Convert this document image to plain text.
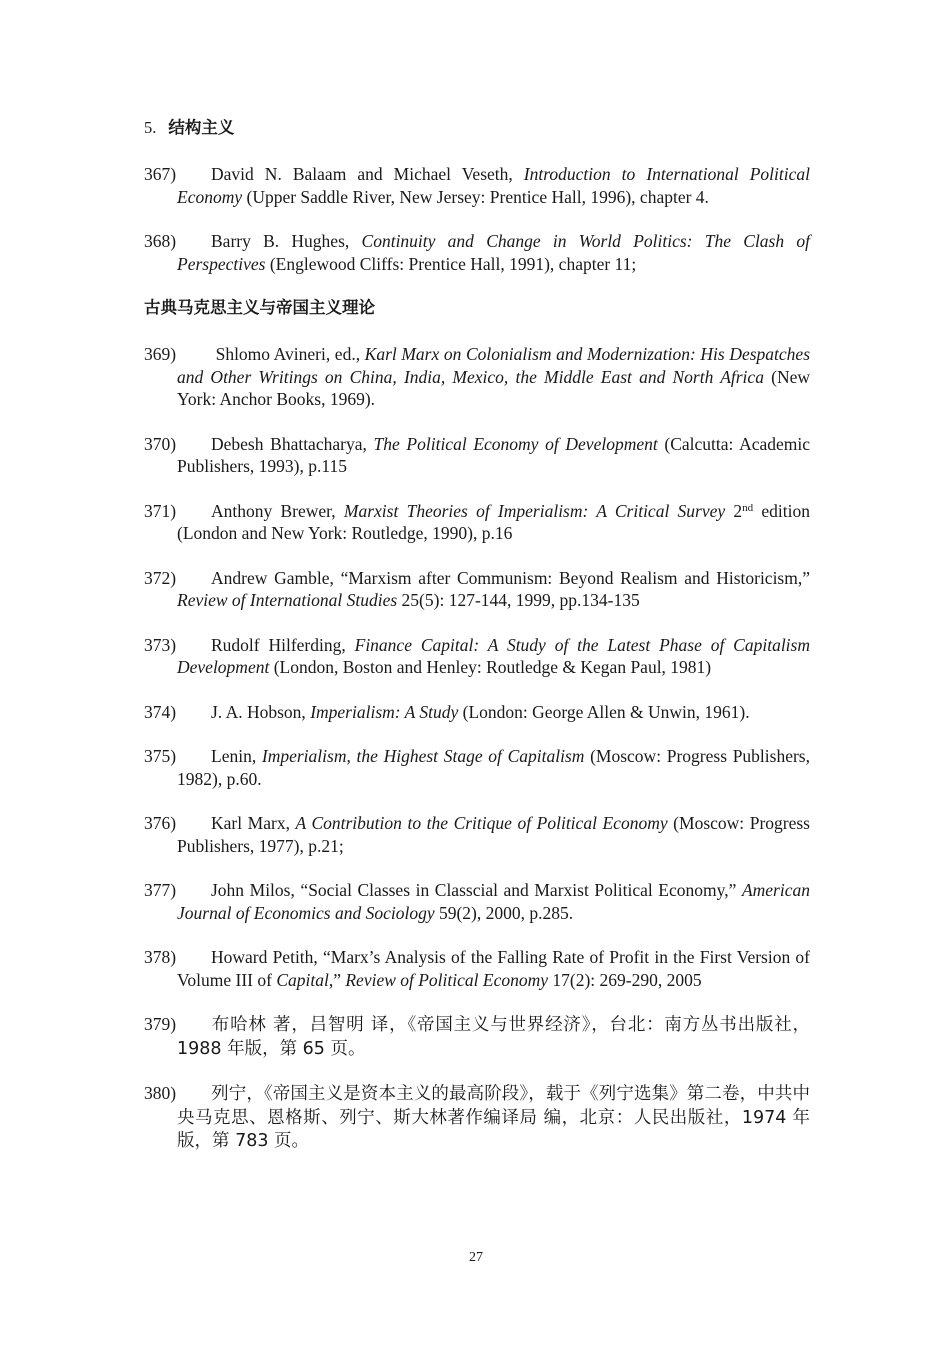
5. 结构主义
367) David N. Balaam and Michael Veseth, Introduction to International Political Economy (Upper Saddle River, New Jersey: Prentice Hall, 1996), chapter 4.
368) Barry B. Hughes, Continuity and Change in World Politics: The Clash of Perspectives (Englewood Cliffs: Prentice Hall, 1991), chapter 11;
古典马克思主义与帝国主义理论
369) Shlomo Avineri, ed., Karl Marx on Colonialism and Modernization: His Despatches and Other Writings on China, India, Mexico, the Middle East and North Africa (New York: Anchor Books, 1969).
370) Debesh Bhattacharya, The Political Economy of Development (Calcutta: Academic Publishers, 1993), p.115
371) Anthony Brewer, Marxist Theories of Imperialism: A Critical Survey 2nd edition (London and New York: Routledge, 1990), p.16
372) Andrew Gamble, “Marxism after Communism: Beyond Realism and Historicism,” Review of International Studies 25(5): 127-144, 1999, pp.134-135
373) Rudolf Hilferding, Finance Capital: A Study of the Latest Phase of Capitalism Development (London, Boston and Henley: Routledge & Kegan Paul, 1981)
374) J. A. Hobson, Imperialism: A Study (London: George Allen & Unwin, 1961).
375) Lenin, Imperialism, the Highest Stage of Capitalism (Moscow: Progress Publishers, 1982), p.60.
376) Karl Marx, A Contribution to the Critique of Political Economy (Moscow: Progress Publishers, 1977), p.21;
377) John Milos, “Social Classes in Classcial and Marxist Political Economy,” American Journal of Economics and Sociology 59(2), 2000, p.285.
378) Howard Petith, “Marx’s Analysis of the Falling Rate of Profit in the First Version of Volume III of Capital,” Review of Political Economy 17(2): 269-290, 2005
379) 布哈林 著，吕智明 译，《帝国主义与世界经济》，台北：南方丛书出版社，1988 年版，第 65 页。
380) 列宁，《帝国主义是资本主义的最高阶段》，载于《列宁选集》第二卷，中共中央马克思、恩格斯、列宁、斯大林著作编译局 编，北京：人民出版社，1974 年版，第 783 页。
27
